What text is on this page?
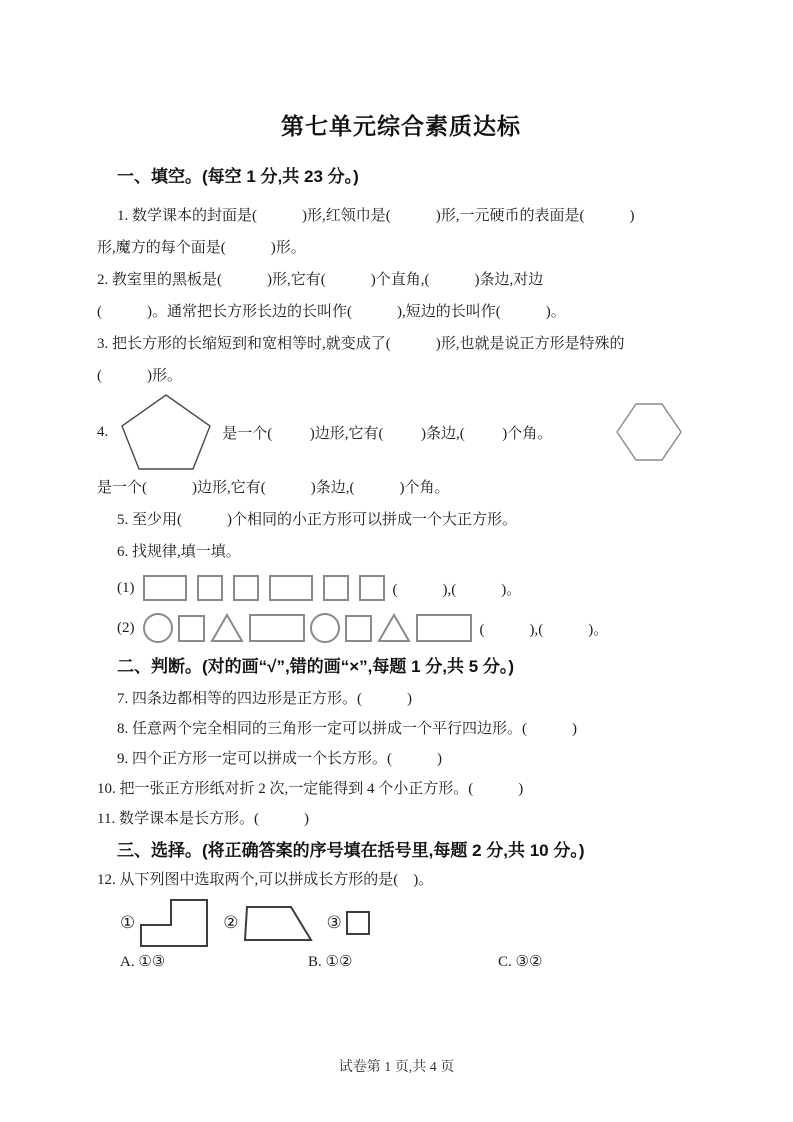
第七单元综合素质达标
一、填空。(每空 1 分,共 23 分。)

1. 数学课本的封面是(            )形,红领巾是(            )形,一元硬币的表面是(            )

形,魔方的每个面是(            )形。

2. 教室里的黑板是(            )形,它有(            )个直角,(            )条边,对边

(            )。通常把长方形长边的长叫作(            ),短边的长叫作(            )。

3. 把长方形的长缩短到和宽相等时,就变成了(            )形,也就是说正方形是特殊的

(            )形。

4.	是一个(          )边形,它有(          )条边,(          )个角。

是一个(            )边形,它有(            )条边,(            )个角。

5. 至少用(            )个相同的小正方形可以拼成一个大正方形。

6. 找规律,填一填。

(1)	(            ),(            )。
(2)	(            ),(            )。
二、判断。(对的画“√”,错的画“×”,每题 1 分,共 5 分。)

7. 四条边都相等的四边形是正方形。(            )

8. 任意两个完全相同的三角形一定可以拼成一个平行四边形。(            )

9. 四个正方形一定可以拼成一个长方形。(            )

10. 把一张正方形纸对折 2 次,一定能得到 4 个小正方形。(            )

11. 数学课本是长方形。(            )

三、选择。(将正确答案的序号填在括号里,每题 2 分,共 10 分。)

12. 从下列图中选取两个,可以拼成长方形的是(    )。

①	②	③
A. ①③	B. ①②	C. ③②
试卷第 1 页,共 4 页
